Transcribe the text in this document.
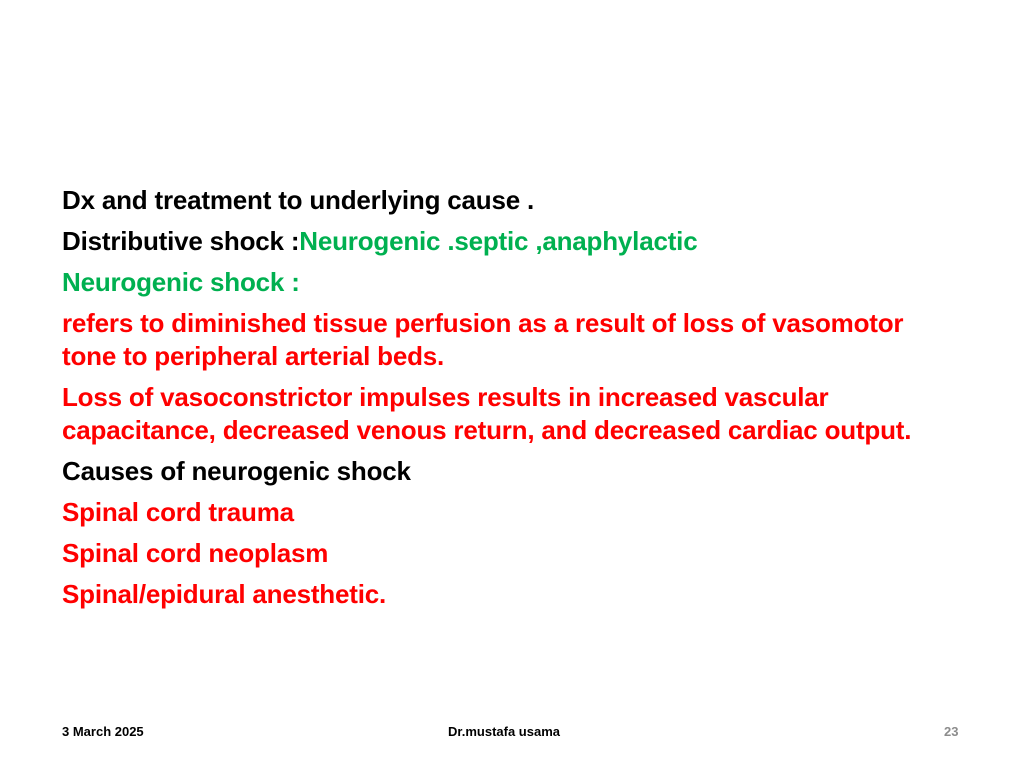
Dx and treatment to underlying cause .

Distributive shock :Neurogenic .septic ,anaphylactic

Neurogenic shock :

refers to diminished tissue perfusion as a result of loss of vasomotor tone to peripheral arterial beds.

Loss of vasoconstrictor impulses results in increased vascular capacitance, decreased venous return, and decreased cardiac output.

Causes of neurogenic shock

Spinal cord trauma

Spinal cord neoplasm

Spinal/epidural anesthetic.

3 March 2025	Dr.mustafa usama	23
